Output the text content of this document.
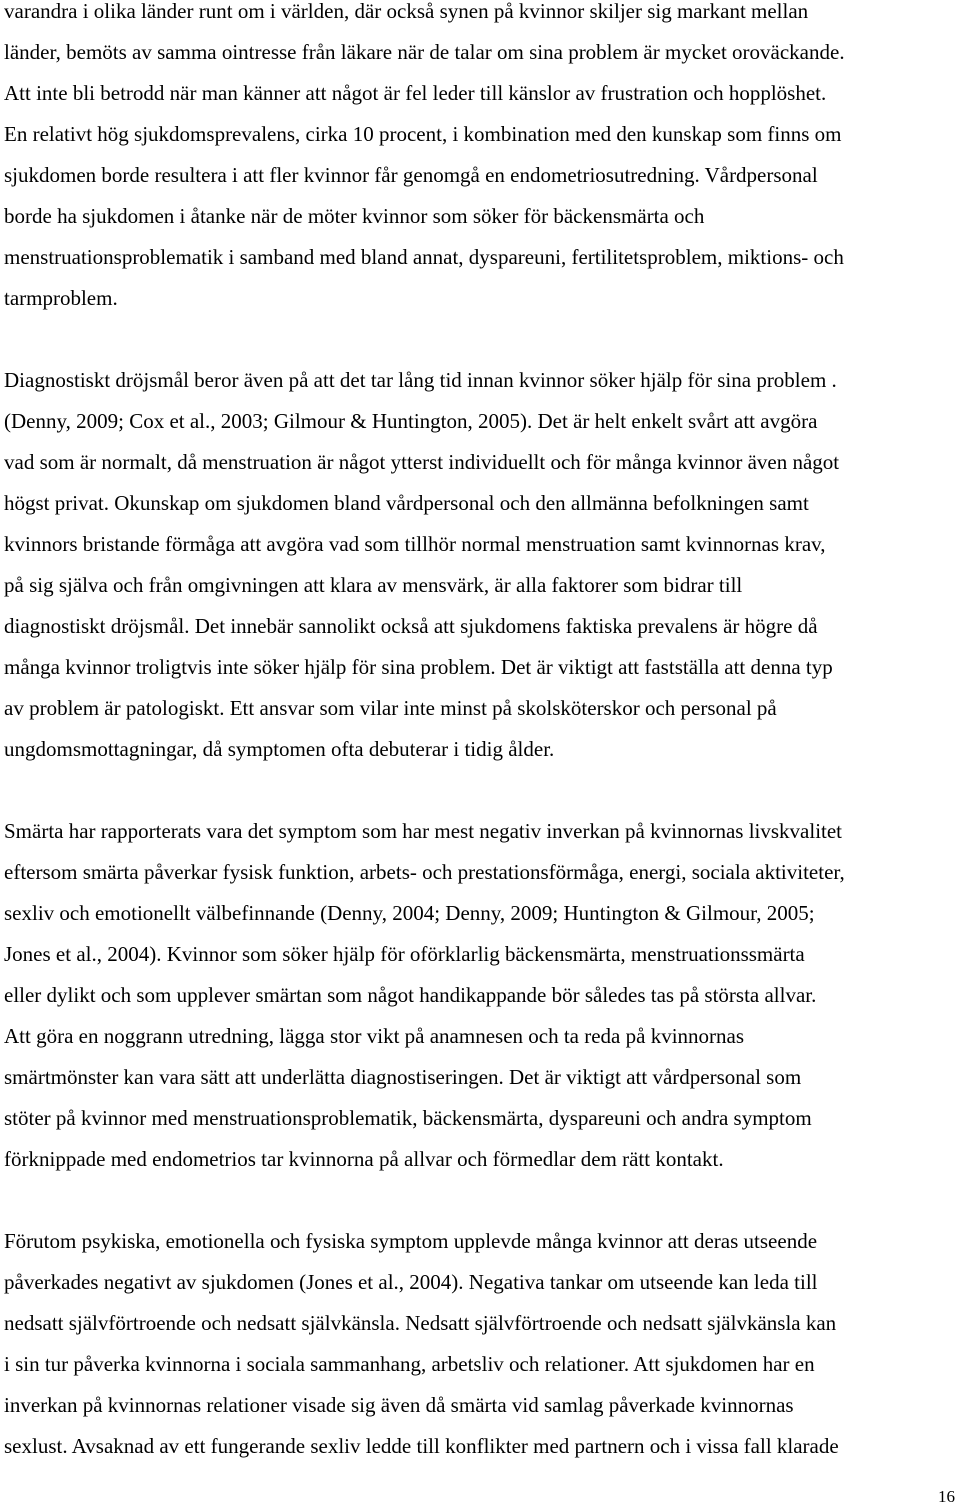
varandra i olika länder runt om i världen, där också synen på kvinnor skiljer sig markant mellan
länder, bemöts av samma ointresse från läkare när de talar om sina problem är mycket oroväckande.
Att inte bli betrodd när man känner att något är fel leder till känslor av frustration och hopplöshet.
En relativt hög sjukdomsprevalens, cirka 10 procent, i kombination med den kunskap som finns om
sjukdomen borde resultera i att fler kvinnor får genomgå en endometriosutredning. Vårdpersonal
borde ha sjukdomen i åtanke när de möter kvinnor som söker för bäckensmärta och
menstruationsproblematik i samband med bland annat, dyspareuni, fertilitetsproblem, miktions- och
tarmproblem.
Diagnostiskt dröjsmål beror även på att det tar lång tid innan kvinnor söker hjälp för sina problem .
(Denny, 2009; Cox et al., 2003; Gilmour & Huntington, 2005). Det är helt enkelt svårt att avgöra
vad som är normalt, då menstruation är något ytterst individuellt och för många kvinnor även något
högst privat. Okunskap om sjukdomen bland vårdpersonal och den allmänna befolkningen samt
kvinnors bristande förmåga att avgöra vad som tillhör normal menstruation samt kvinnornas krav,
på sig själva och från omgivningen att klara av mensvärk, är alla faktorer som bidrar till
diagnostiskt dröjsmål. Det innebär sannolikt också att sjukdomens faktiska prevalens är högre då
många kvinnor troligtvis inte söker hjälp för sina problem. Det är viktigt att fastställa att denna typ
av problem är patologiskt. Ett ansvar som vilar inte minst på skolsköterskor och personal på
ungdomsmottagningar, då symptomen ofta debuterar i tidig ålder.
Smärta har rapporterats vara det symptom som har mest negativ inverkan på kvinnornas livskvalitet
eftersom smärta påverkar fysisk funktion, arbets- och prestationsförmåga, energi, sociala aktiviteter,
sexliv och emotionellt välbefinnande (Denny, 2004; Denny, 2009; Huntington & Gilmour, 2005;
Jones et al., 2004). Kvinnor som söker hjälp för oförklarlig bäckensmärta, menstruationssmärta
eller dylikt och som upplever smärtan som något handikappande bör således tas på största allvar.
Att göra en noggrann utredning, lägga stor vikt på anamnesen och ta reda på kvinnornas
smärtmönster kan vara sätt att underlätta diagnostiseringen. Det är viktigt att vårdpersonal som
stöter på kvinnor med menstruationsproblematik, bäckensmärta, dyspareuni och andra symptom
förknippade med endometrios tar kvinnorna på allvar och förmedlar dem rätt kontakt.
Förutom psykiska, emotionella och fysiska symptom upplevde många kvinnor att deras utseende
påverkades negativt av sjukdomen (Jones et al., 2004). Negativa tankar om utseende kan leda till
nedsatt självförtroende och nedsatt självkänsla. Nedsatt självförtroende och nedsatt självkänsla kan
i sin tur påverka kvinnorna i sociala sammanhang, arbetsliv och relationer. Att sjukdomen har en
inverkan på kvinnornas relationer visade sig även då smärta vid samlag påverkade kvinnornas
sexlust. Avsaknad av ett fungerande sexliv ledde till konflikter med partnern och i vissa fall klarade
16
